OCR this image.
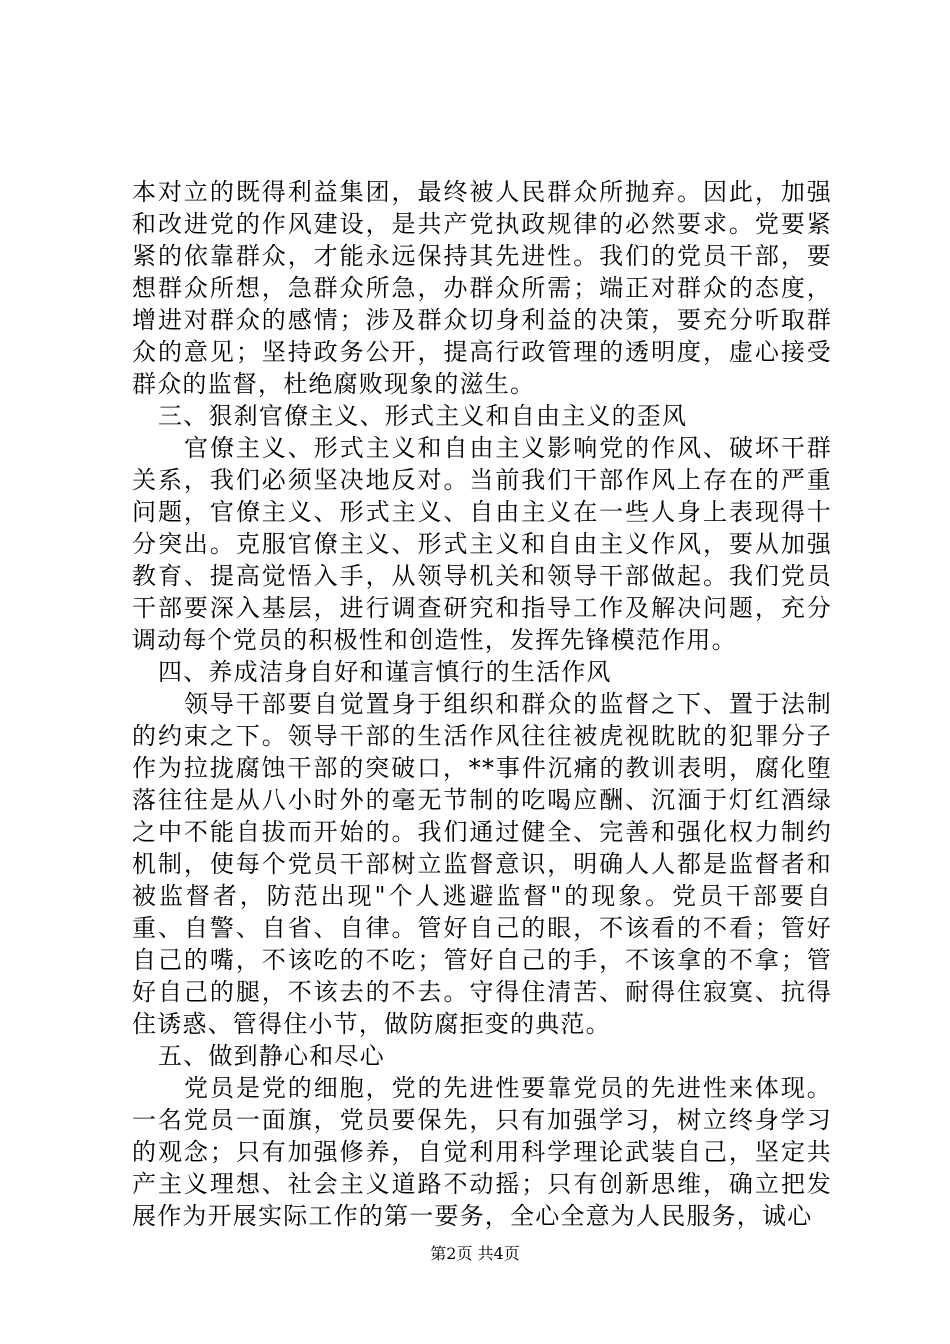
本对立的既得利益集团，最终被人民群众所抛弃。因此，加强和改进党的作风建设，是共产党执政规律的必然要求。党要紧紧的依靠群众，才能永远保持其先进性。我们的党员干部，要想群众所想，急群众所急，办群众所需；端正对群众的态度，增进对群众的感情；涉及群众切身利益的决策，要充分听取群众的意见；坚持政务公开，提高行政管理的透明度，虚心接受群众的监督，杜绝腐败现象的滋生。

三、狠刹官僚主义、形式主义和自由主义的歪风

官僚主义、形式主义和自由主义影响党的作风、破坏干群关系，我们必须坚决地反对。当前我们干部作风上存在的严重问题，官僚主义、形式主义、自由主义在一些人身上表现得十分突出。克服官僚主义、形式主义和自由主义作风，要从加强教育、提高觉悟入手，从领导机关和领导干部做起。我们党员干部要深入基层，进行调查研究和指导工作及解决问题，充分调动每个党员的积极性和创造性，发挥先锋模范作用。

四、养成洁身自好和谨言慎行的生活作风

领导干部要自觉置身于组织和群众的监督之下、置于法制的约束之下。领导干部的生活作风往往被虎视眈眈的犯罪分子作为拉拢腐蚀干部的突破口，**事件沉痛的教训表明，腐化堕落往往是从八小时外的毫无节制的吃喝应酬、沉湎于灯红酒绿之中不能自拔而开始的。我们通过健全、完善和强化权力制约机制，使每个党员干部树立监督意识，明确人人都是监督者和被监督者，防范出现"个人逃避监督"的现象。党员干部要自重、自警、自省、自律。管好自己的眼，不该看的不看；管好自己的嘴，不该吃的不吃；管好自己的手，不该拿的不拿；管好自己的腿，不该去的不去。守得住清苦、耐得住寂寞、抗得住诱惑、管得住小节，做防腐拒变的典范。

五、做到静心和尽心

党员是党的细胞，党的先进性要靠党员的先进性来体现。一名党员一面旗，党员要保先，只有加强学习，树立终身学习的观念；只有加强修养，自觉利用科学理论武装自己，坚定共产主义理想、社会主义道路不动摇；只有创新思维，确立把发展作为开展实际工作的第一要务，全心全意为人民服务，诚心

第2页 共4页
